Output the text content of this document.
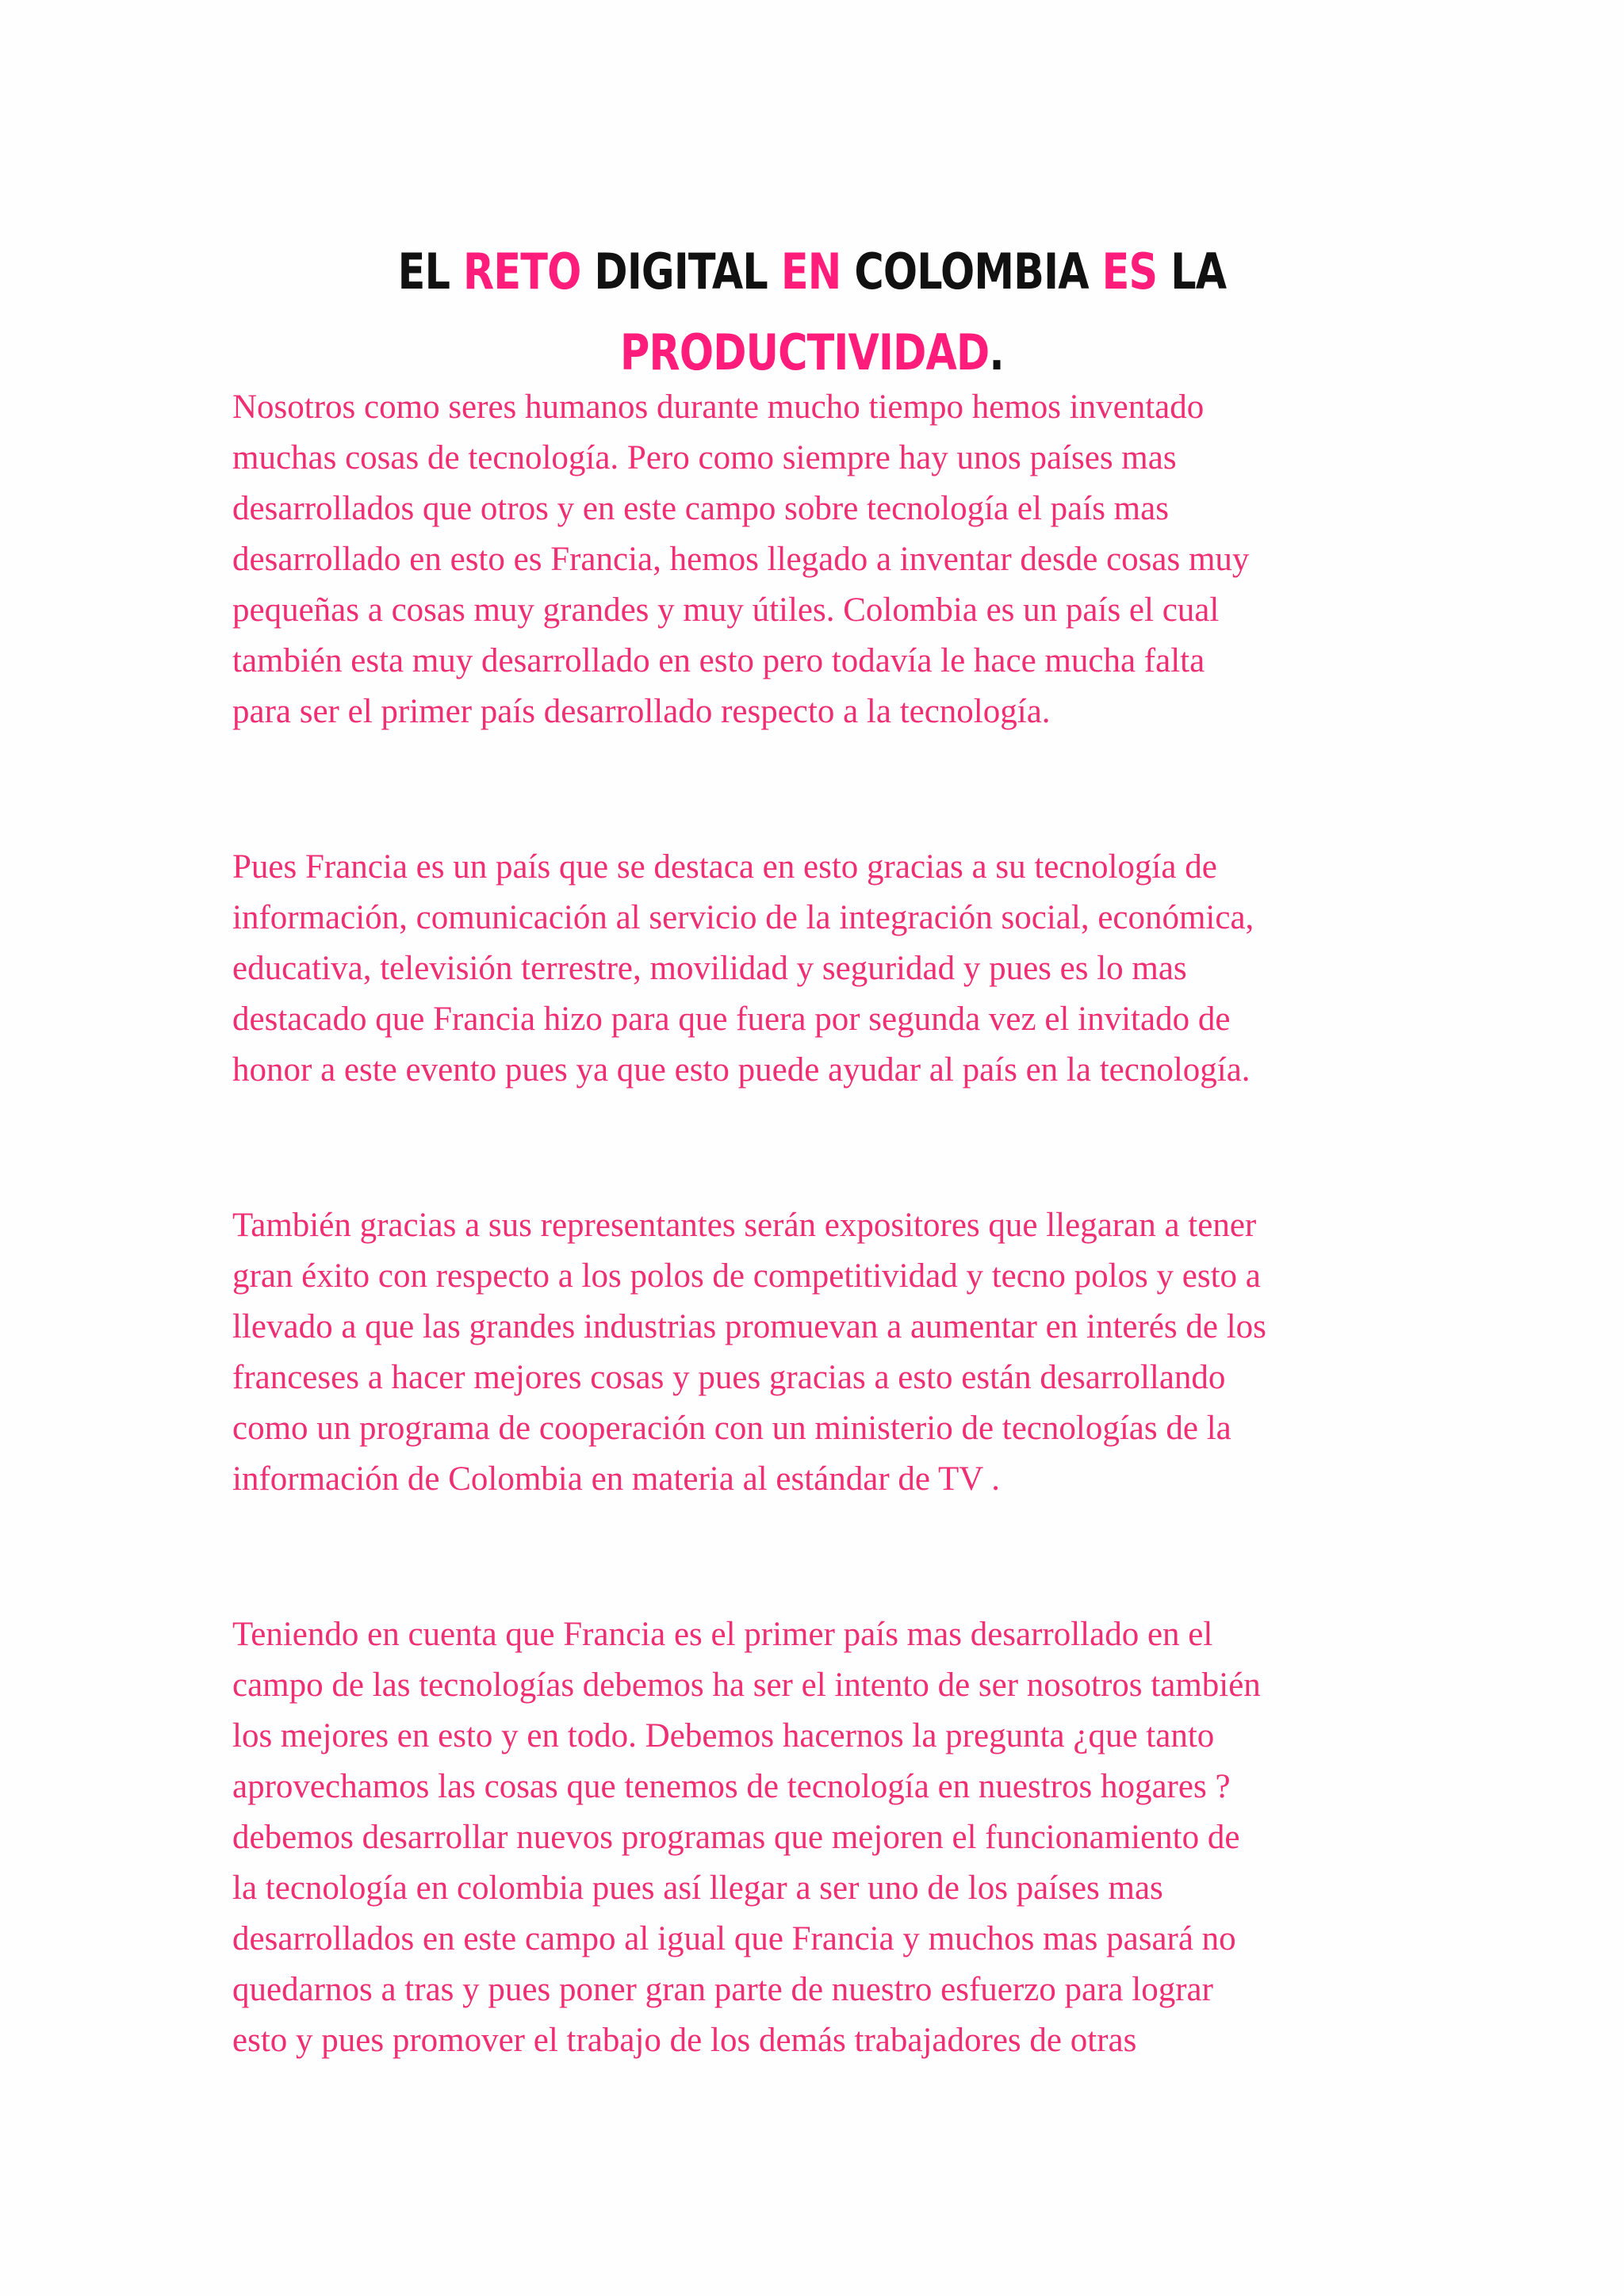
EL RETO DIGITAL EN COLOMBIA ES LA
PRODUCTIVIDAD.
Nosotros como seres humanos durante mucho tiempo hemos inventado
muchas cosas de tecnología. Pero como siempre hay unos países mas
desarrollados que otros y en este campo sobre tecnología el país mas
desarrollado en esto es Francia, hemos llegado a inventar desde cosas muy
pequeñas a cosas muy grandes y muy útiles. Colombia es un país el cual
también esta muy desarrollado en esto pero todavía le hace mucha falta
para ser el primer país desarrollado respecto a la tecnología.
Pues Francia es un país que se destaca en esto gracias a su tecnología de
información, comunicación al servicio de la integración social, económica,
educativa, televisión terrestre, movilidad y seguridad y pues es lo mas
destacado que Francia hizo para que fuera por segunda vez el invitado de
honor a este evento pues ya que esto puede ayudar al país en la tecnología.
También gracias a sus representantes serán expositores que llegaran a tener
gran éxito con respecto a los polos de competitividad y tecno polos y esto a
llevado a que las grandes industrias promuevan a aumentar en interés de los
franceses a hacer mejores cosas y pues gracias a esto están desarrollando
como un programa de cooperación con un ministerio de tecnologías de la
información de Colombia en materia al estándar de TV .
Teniendo en cuenta que Francia es el primer país mas desarrollado en el
campo de las tecnologías debemos ha ser el intento de ser nosotros también
los mejores en esto y en todo. Debemos hacernos la pregunta ¿que tanto
aprovechamos las cosas que tenemos de tecnología en nuestros hogares ?
debemos desarrollar nuevos programas que mejoren el funcionamiento de
la tecnología en colombia pues así llegar a ser uno de los países mas
desarrollados en este campo al igual que Francia y muchos mas pasará no
quedarnos a tras y pues poner gran parte de nuestro esfuerzo para lograr
esto y pues promover el trabajo de los demás trabajadores de otras
